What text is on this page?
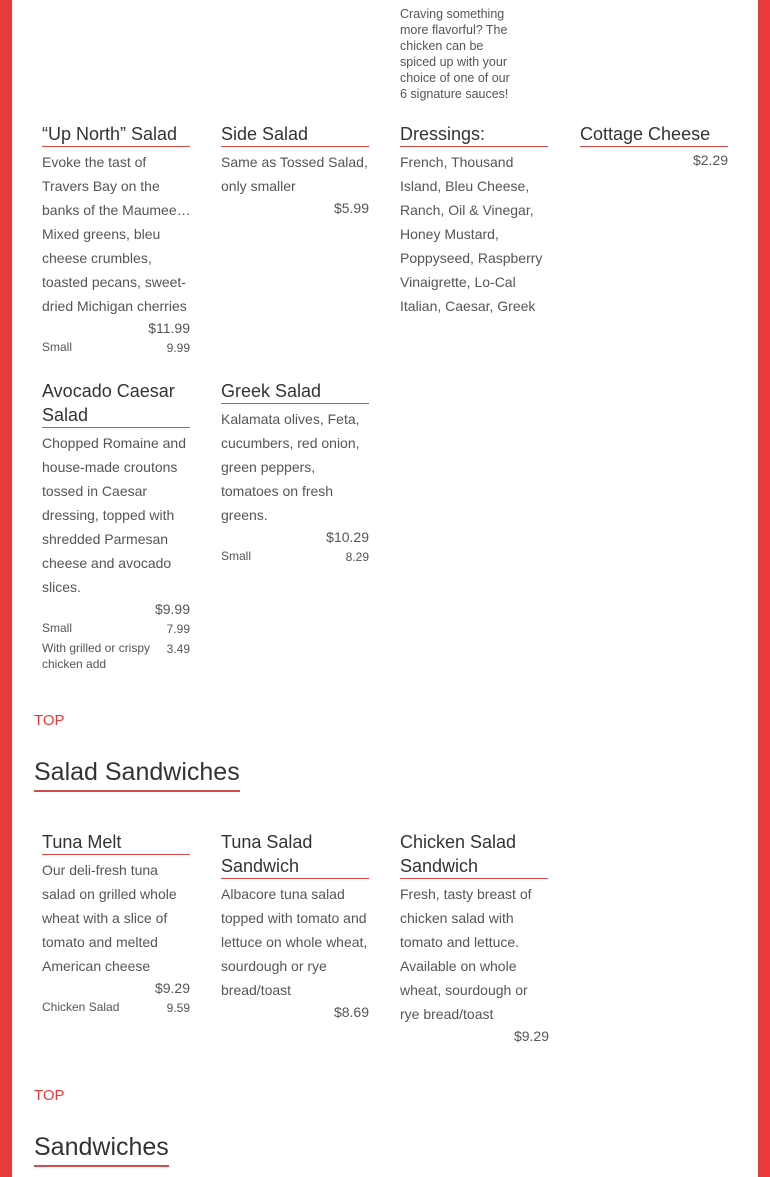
Craving something more flavorful? The chicken can be spiced up with your choice of one of our 6 signature sauces!
“Up North” Salad
Evoke the tast of Travers Bay on the banks of the Maumee… Mixed greens, bleu cheese crumbles, toasted pecans, sweet-dried Michigan cherries
$11.99
Small	9.99
Side Salad
Same as Tossed Salad, only smaller
$5.99
Dressings:
French, Thousand Island, Bleu Cheese, Ranch, Oil & Vinegar, Honey Mustard, Poppyseed, Raspberry Vinaigrette, Lo-Cal Italian, Caesar, Greek
Cottage Cheese
$2.29
Avocado Caesar Salad
Chopped Romaine and house-made croutons tossed in Caesar dressing, topped with shredded Parmesan cheese and avocado slices.
$9.99
Small	7.99
With grilled or crispy chicken add
3.49
Greek Salad
Kalamata olives, Feta, cucumbers, red onion, green peppers, tomatoes on fresh greens.
$10.29
Small	8.29
TOP
Salad Sandwiches
Tuna Melt
Our deli-fresh tuna salad on grilled whole wheat with a slice of tomato and melted American cheese
$9.29
Chicken Salad	9.59
Tuna Salad Sandwich
Albacore tuna salad topped with tomato and lettuce on whole wheat, sourdough or rye bread/toast
$8.69
Chicken Salad Sandwich
Fresh, tasty breast of chicken salad with tomato and lettuce. Available on whole wheat, sourdough or rye bread/toast
$9.29
TOP
Sandwiches
